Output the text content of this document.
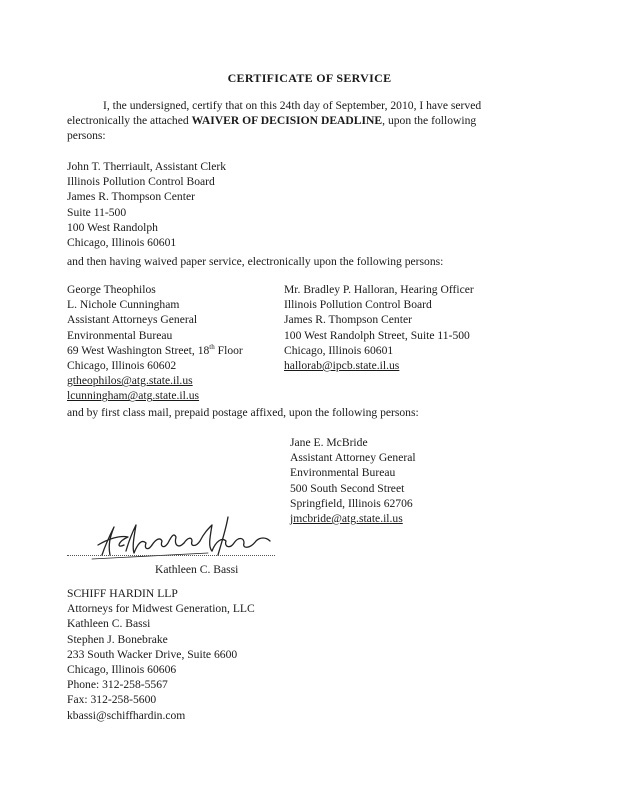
CERTIFICATE OF SERVICE
I, the undersigned, certify that on this 24th day of September, 2010, I have served
electronically the attached WAIVER OF DECISION DEADLINE, upon the following
persons:
John T. Therriault, Assistant Clerk
Illinois Pollution Control Board
James R. Thompson Center
Suite 11-500
100 West Randolph
Chicago, Illinois 60601
and then having waived paper service, electronically upon the following persons:
George Theophilos
L. Nichole Cunningham
Assistant Attorneys General
Environmental Bureau
69 West Washington Street, 18th Floor
Chicago, Illinois 60602
gtheophilos@atg.state.il.us
lcunningham@atg.state.il.us
Mr. Bradley P. Halloran, Hearing Officer
Illinois Pollution Control Board
James R. Thompson Center
100 West Randolph Street, Suite 11-500
Chicago, Illinois 60601
hallorab@ipcb.state.il.us
and by first class mail, prepaid postage affixed, upon the following persons:
Jane E. McBride
Assistant Attorney General
Environmental Bureau
500 South Second Street
Springfield, Illinois 62706
jmcbride@atg.state.il.us
Kathleen C. Bassi
SCHIFF HARDIN LLP
Attorneys for Midwest Generation, LLC
Kathleen C. Bassi
Stephen J. Bonebrake
233 South Wacker Drive, Suite 6600
Chicago, Illinois 60606
Phone: 312-258-5567
Fax: 312-258-5600
kbassi@schiffhardin.com
